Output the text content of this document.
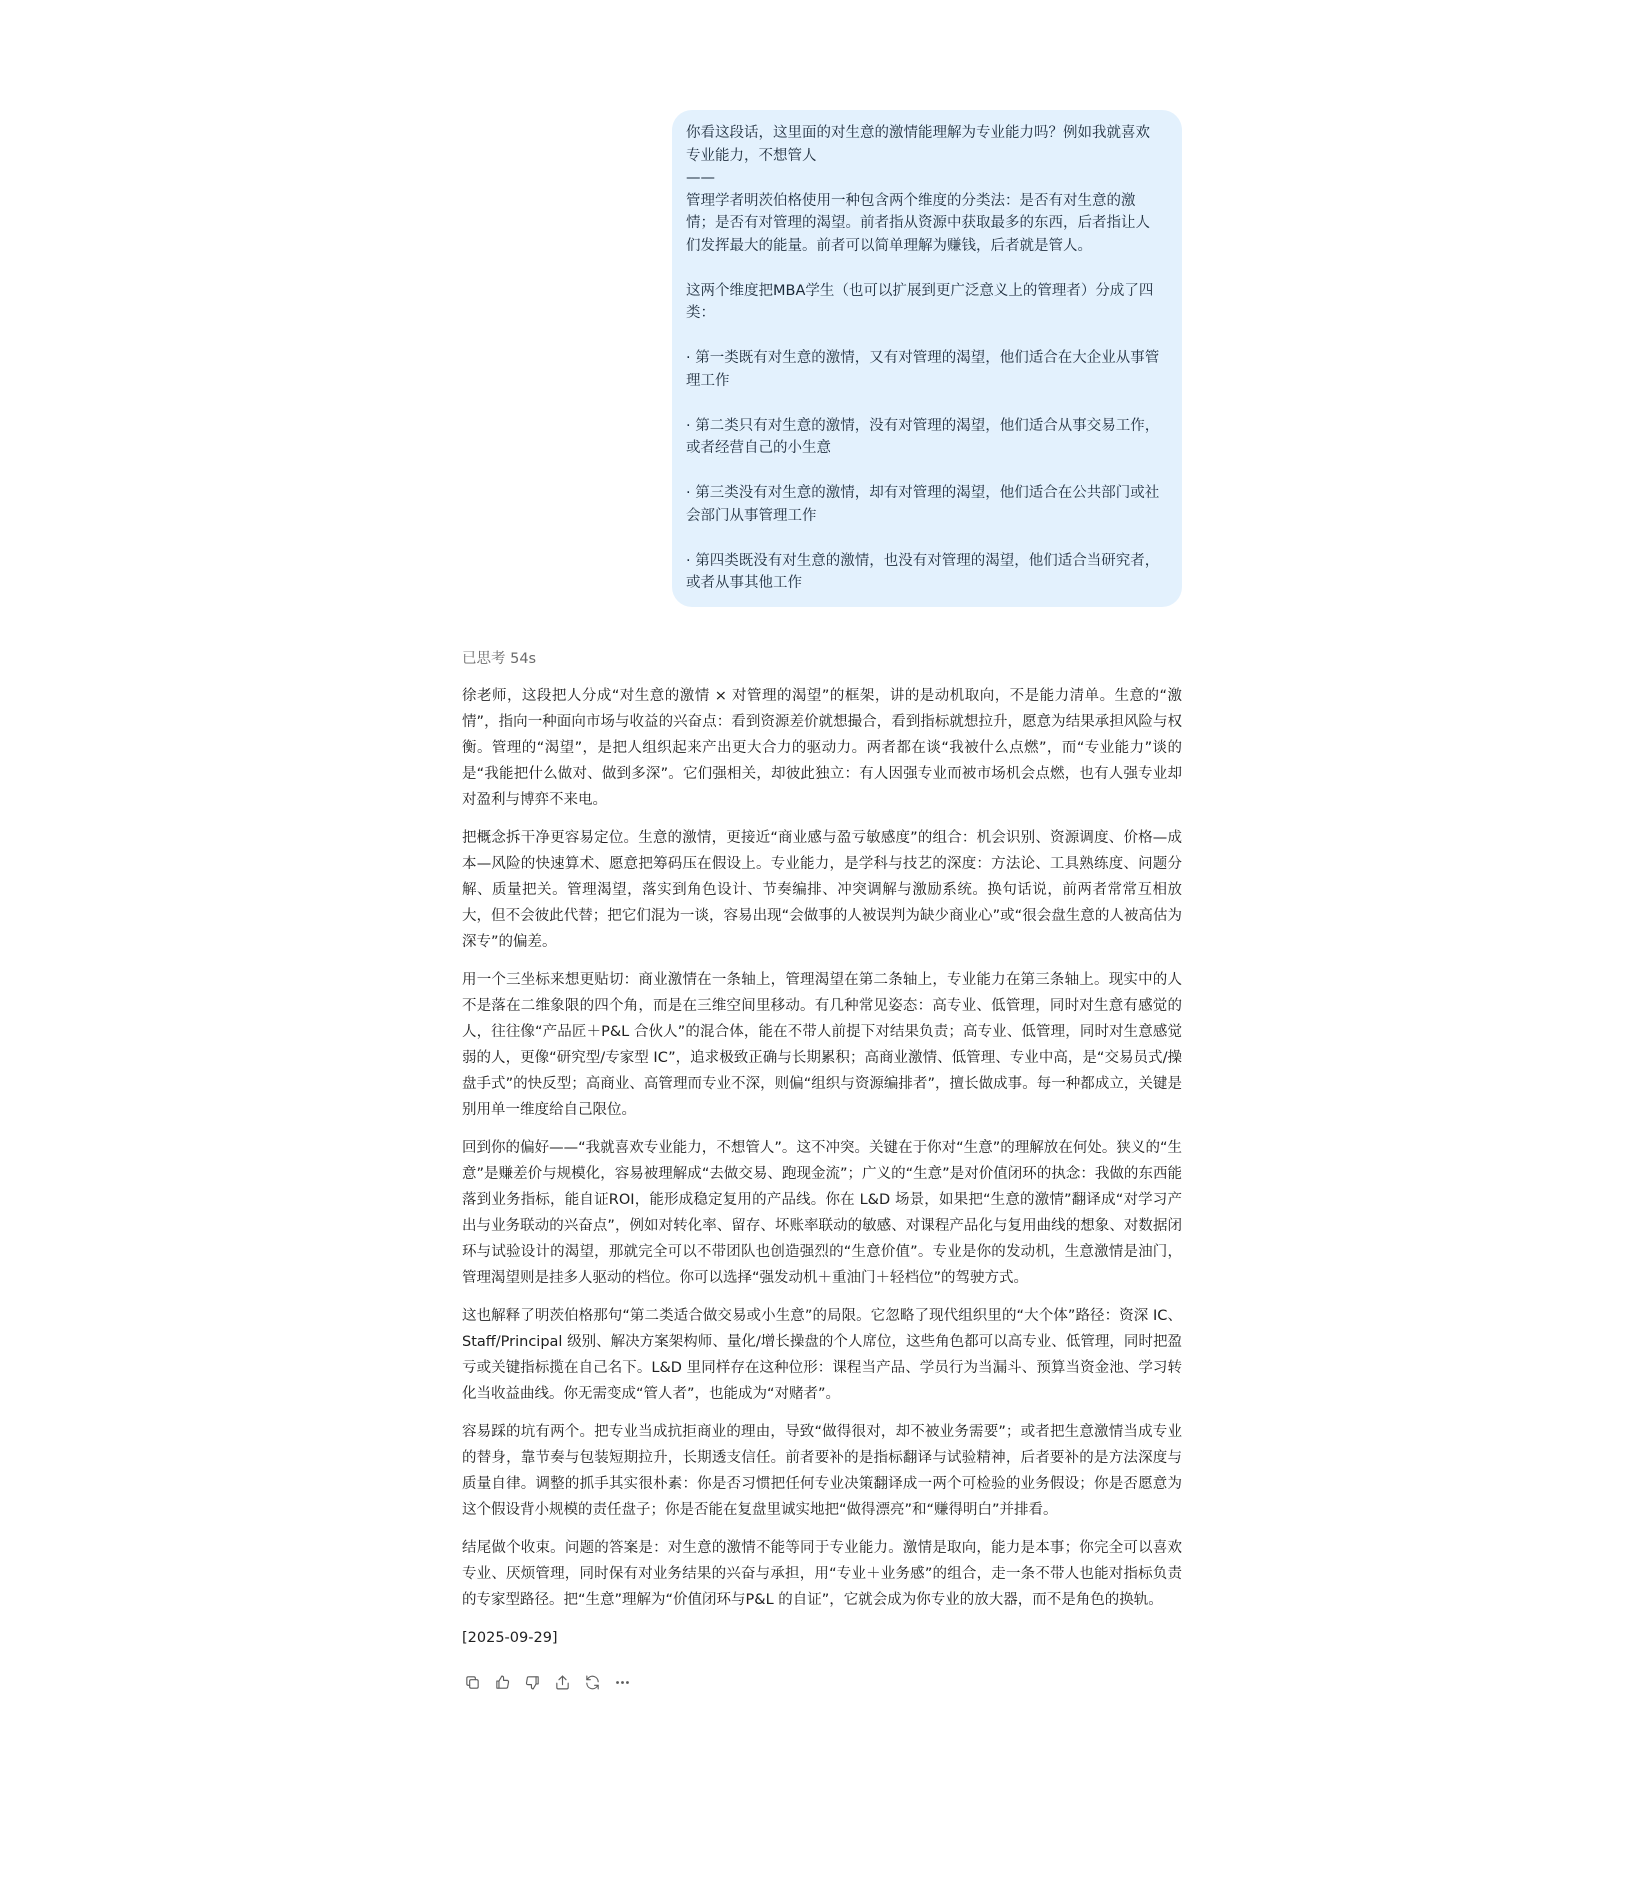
你看这段话，这里面的对生意的激情能理解为专业能力吗？例如我就喜欢专业能力，不想管人
——
管理学者明茨伯格使用一种包含两个维度的分类法：是否有对生意的激情；是否有对管理的渴望。前者指从资源中获取最多的东西，后者指让人们发挥最大的能量。前者可以简单理解为赚钱，后者就是管人。

这两个维度把MBA学生（也可以扩展到更广泛意义上的管理者）分成了四类：

· 第一类既有对生意的激情，又有对管理的渴望，他们适合在大企业从事管理工作

· 第二类只有对生意的激情，没有对管理的渴望，他们适合从事交易工作，或者经营自己的小生意

· 第三类没有对生意的激情，却有对管理的渴望，他们适合在公共部门或社会部门从事管理工作

· 第四类既没有对生意的激情，也没有对管理的渴望，他们适合当研究者，或者从事其他工作

已思考 54s

徐老师，这段把人分成“对生意的激情 × 对管理的渴望”的框架，讲的是动机取向，不是能力清单。生意的“激情”，指向一种面向市场与收益的兴奋点：看到资源差价就想撮合，看到指标就想拉升，愿意为结果承担风险与权衡。管理的“渴望”，是把人组织起来产出更大合力的驱动力。两者都在谈“我被什么点燃”，而“专业能力”谈的是“我能把什么做对、做到多深”。它们强相关，却彼此独立：有人因强专业而被市场机会点燃，也有人强专业却对盈利与博弈不来电。

把概念拆干净更容易定位。生意的激情，更接近“商业感与盈亏敏感度”的组合：机会识别、资源调度、价格—成本—风险的快速算术、愿意把筹码压在假设上。专业能力，是学科与技艺的深度：方法论、工具熟练度、问题分解、质量把关。管理渴望，落实到角色设计、节奏编排、冲突调解与激励系统。换句话说，前两者常常互相放大，但不会彼此代替；把它们混为一谈，容易出现“会做事的人被误判为缺少商业心”或“很会盘生意的人被高估为深专”的偏差。

用一个三坐标来想更贴切：商业激情在一条轴上，管理渴望在第二条轴上，专业能力在第三条轴上。现实中的人不是落在二维象限的四个角，而是在三维空间里移动。有几种常见姿态：高专业、低管理，同时对生意有感觉的人，往往像“产品匠＋P&L 合伙人”的混合体，能在不带人前提下对结果负责；高专业、低管理，同时对生意感觉弱的人，更像“研究型/专家型 IC”，追求极致正确与长期累积；高商业激情、低管理、专业中高，是“交易员式/操盘手式”的快反型；高商业、高管理而专业不深，则偏“组织与资源编排者”，擅长做成事。每一种都成立，关键是别用单一维度给自己限位。

回到你的偏好——“我就喜欢专业能力，不想管人”。这不冲突。关键在于你对“生意”的理解放在何处。狭义的“生意”是赚差价与规模化，容易被理解成“去做交易、跑现金流”；广义的“生意”是对价值闭环的执念：我做的东西能落到业务指标，能自证ROI，能形成稳定复用的产品线。你在 L&D 场景，如果把“生意的激情”翻译成“对学习产出与业务联动的兴奋点”，例如对转化率、留存、坏账率联动的敏感、对课程产品化与复用曲线的想象、对数据闭环与试验设计的渴望，那就完全可以不带团队也创造强烈的“生意价值”。专业是你的发动机，生意激情是油门，管理渴望则是挂多人驱动的档位。你可以选择“强发动机＋重油门＋轻档位”的驾驶方式。

这也解释了明茨伯格那句“第二类适合做交易或小生意”的局限。它忽略了现代组织里的“大个体”路径：资深 IC、Staff/Principal 级别、解决方案架构师、量化/增长操盘的个人席位，这些角色都可以高专业、低管理，同时把盈亏或关键指标揽在自己名下。L&D 里同样存在这种位形：课程当产品、学员行为当漏斗、预算当资金池、学习转化当收益曲线。你无需变成“管人者”，也能成为“对赌者”。

容易踩的坑有两个。把专业当成抗拒商业的理由，导致“做得很对，却不被业务需要”；或者把生意激情当成专业的替身，靠节奏与包装短期拉升，长期透支信任。前者要补的是指标翻译与试验精神，后者要补的是方法深度与质量自律。调整的抓手其实很朴素：你是否习惯把任何专业决策翻译成一两个可检验的业务假设；你是否愿意为这个假设背小规模的责任盘子；你是否能在复盘里诚实地把“做得漂亮”和“赚得明白”并排看。

结尾做个收束。问题的答案是：对生意的激情不能等同于专业能力。激情是取向，能力是本事；你完全可以喜欢专业、厌烦管理，同时保有对业务结果的兴奋与承担，用“专业＋业务感”的组合，走一条不带人也能对指标负责的专家型路径。把“生意”理解为“价值闭环与P&L 的自证”，它就会成为你专业的放大器，而不是角色的换轨。

[2025-09-29]
